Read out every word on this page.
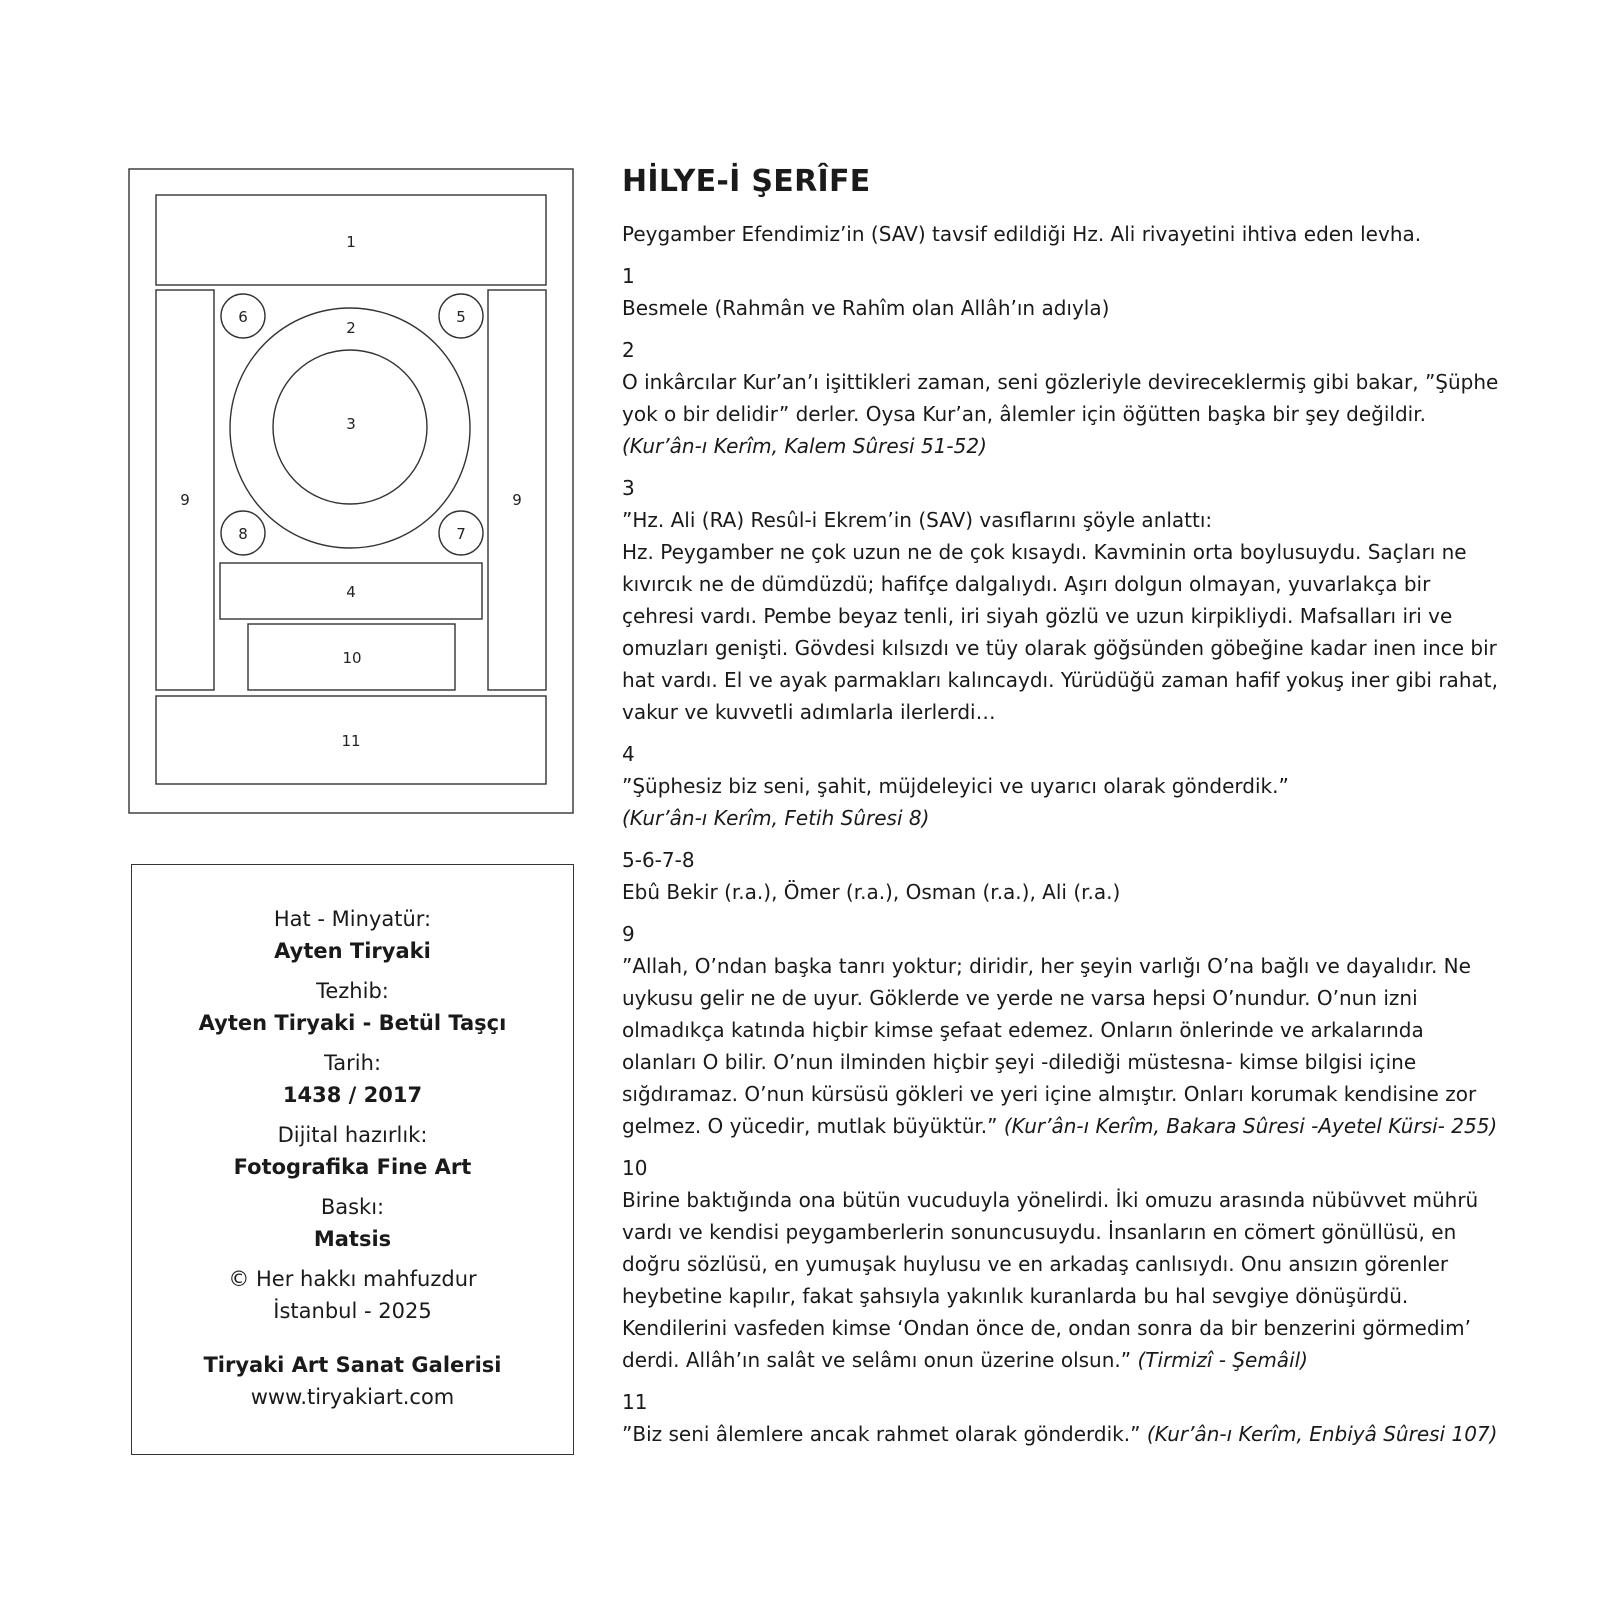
1
2
3
4
5
6
7
8
9	9
10
11
Hat - Minyatür:
Ayten Tiryaki
Tezhib:
Ayten Tiryaki - Betül Taşçı
Tarih:
1438 / 2017
Dijital hazırlık:
Fotografika Fine Art
Baskı:
Matsis
© Her hakkı mahfuzdur
İstanbul - 2025
Tiryaki Art Sanat Galerisi
www.tiryakiart.com
HİLYE-İ ŞERÎFE
Peygamber Efendimiz’in (SAV) tavsif edildiği Hz. Ali rivayetini ihtiva eden levha.
1
Besmele (Rahmân ve Rahîm olan Allâh’ın adıyla)
2
O inkârcılar Kur’an’ı işittikleri zaman, seni gözleriyle devireceklermiş gibi bakar, ”Şüphe yok o bir delidir” derler. Oysa Kur’an, âlemler için öğütten başka bir şey değildir. (Kur’ân-ı Kerîm, Kalem Sûresi 51-52)
3
”Hz. Ali (RA) Resûl-i Ekrem’in (SAV) vasıflarını şöyle anlattı:
Hz. Peygamber ne çok uzun ne de çok kısaydı. Kavminin orta boylusuydu. Saçları ne kıvırcık ne de dümdüzdü; hafifçe dalgalıydı. Aşırı dolgun olmayan, yuvarlakça bir çehresi vardı. Pembe beyaz tenli, iri siyah gözlü ve uzun kirpikliydi. Mafsalları iri ve omuzları genişti. Gövdesi kılsızdı ve tüy olarak göğsünden göbeğine kadar inen ince bir hat vardı. El ve ayak parmakları kalıncaydı. Yürüdüğü zaman hafif yokuş iner gibi rahat, vakur ve kuvvetli adımlarla ilerlerdi…
4
”Şüphesiz biz seni, şahit, müjdeleyici ve uyarıcı olarak gönderdik.”
(Kur’ân-ı Kerîm, Fetih Sûresi 8)
5-6-7-8
Ebû Bekir (r.a.), Ömer (r.a.), Osman (r.a.), Ali (r.a.)
9
”Allah, O’ndan başka tanrı yoktur; diridir, her şeyin varlığı O’na bağlı ve dayalıdır. Ne uykusu gelir ne de uyur. Göklerde ve yerde ne varsa hepsi O’nundur. O’nun izni olmadıkça katında hiçbir kimse şefaat edemez. Onların önlerinde ve arkalarında olanları O bilir. O’nun ilminden hiçbir şeyi -dilediği müstesna- kimse bilgisi içine sığdıramaz. O’nun kürsüsü gökleri ve yeri içine almıştır. Onları korumak kendisine zor gelmez. O yücedir, mutlak büyüktür.” (Kur’ân-ı Kerîm, Bakara Sûresi -Ayetel Kürsi- 255)
10
Birine baktığında ona bütün vucuduyla yönelirdi. İki omuzu arasında nübüvvet mührü vardı ve kendisi peygamberlerin sonuncusuydu. İnsanların en cömert gönüllüsü, en doğru sözlüsü, en yumuşak huylusu ve en arkadaş canlısıydı. Onu ansızın görenler heybetine kapılır, fakat şahsıyla yakınlık kuranlarda bu hal sevgiye dönüşürdü. Kendilerini vasfeden kimse ‘Ondan önce de, ondan sonra da bir benzerini görmedim’ derdi. Allâh’ın salât ve selâmı onun üzerine olsun.” (Tirmizî - Şemâil)
11
”Biz seni âlemlere ancak rahmet olarak gönderdik.” (Kur’ân-ı Kerîm, Enbiyâ Sûresi 107)
